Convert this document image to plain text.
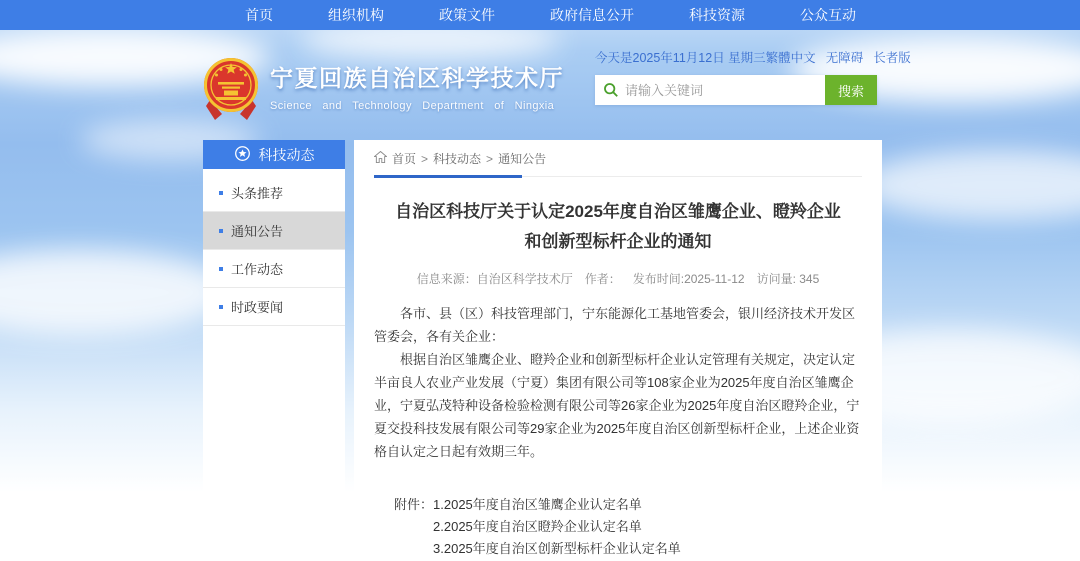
首页	组织机构	政策文件	政府信息公开	科技资源	公众互动
宁夏回族自治区科学技术厅
Science and Technology Department of Ningxia
今天是2025年11月12日 星期三 繁體中文 无障碍 长者版
请输入关键词
搜索
科技动态
头条推荐
通知公告
工作动态
时政要闻
首页 > 科技动态 > 通知公告
自治区科技厅关于认定2025年度自治区雏鹰企业、瞪羚企业和创新型标杆企业的通知
信息来源：自治区科学技术厅 作者： 发布时间:2025-11-12 访问量: 345

各市、县（区）科技管理部门，宁东能源化工基地管委会，银川经济技术开发区管委会，各有关企业：

根据自治区雏鹰企业、瞪羚企业和创新型标杆企业认定管理有关规定，决定认定半亩良人农业产业发展（宁夏）集团有限公司等108家企业为2025年度自治区雏鹰企业，宁夏弘茂特种设备检验检测有限公司等26家企业为2025年度自治区瞪羚企业，宁夏交投科技发展有限公司等29家企业为2025年度自治区创新型标杆企业，上述企业资格自认定之日起有效期三年。

附件： 1.2025年度自治区雏鹰企业认定名单
2.2025年度自治区瞪羚企业认定名单
3.2025年度自治区创新型标杆企业认定名单
